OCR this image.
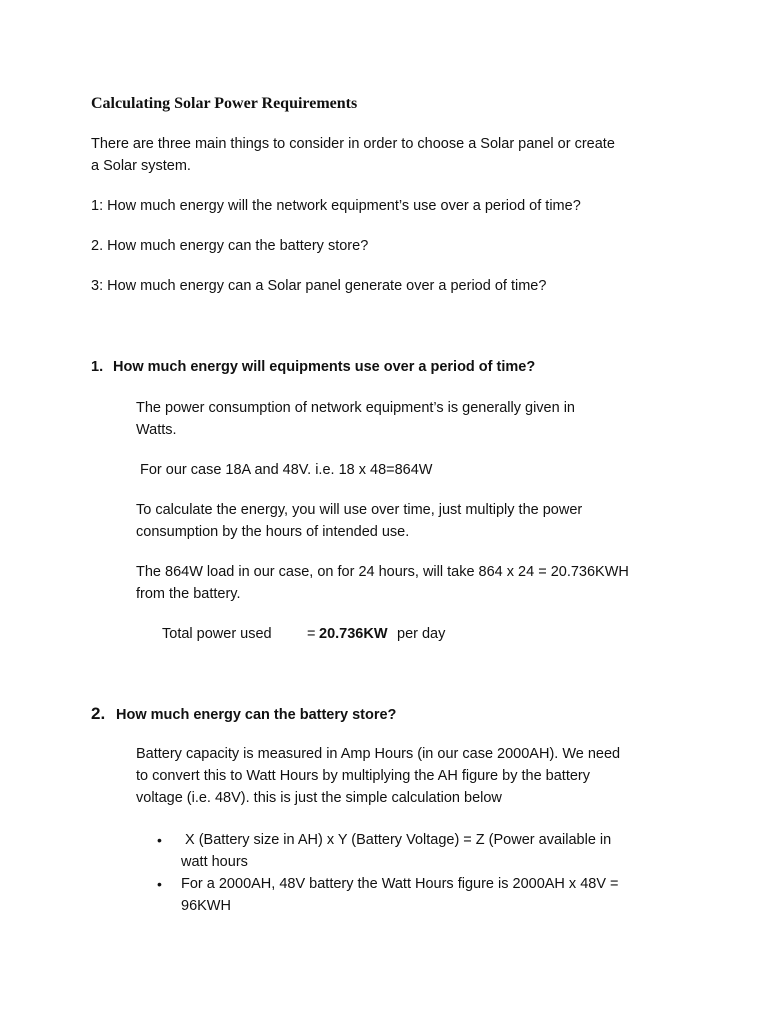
Calculating Solar Power Requirements
There are three main things to consider in order to choose a Solar panel or create
a Solar system.
1: How much energy will the network equipment’s use over a period of time?
2. How much energy can the battery store?
3: How much energy can a Solar panel generate over a period of time?
1. How much energy will equipments use over a period of time?
The power consumption of network equipment’s is generally given in
Watts.
For our case 18A and 48V. i.e. 18 x 48=864W
To calculate the energy, you will use over time, just multiply the power
consumption by the hours of intended use.
The 864W load in our case, on for 24 hours, will take 864 x 24 = 20.736KWH
from the battery.
Total power used = 20.736KW per day
2. How much energy can the battery store?
Battery capacity is measured in Amp Hours (in our case 2000AH). We need
to convert this to Watt Hours by multiplying the AH figure by the battery
voltage (i.e. 48V). this is just the simple calculation below
• X (Battery size in AH) x Y (Battery Voltage) = Z (Power available in
watt hours
• For a 2000AH, 48V battery the Watt Hours figure is 2000AH x 48V =
96KWH
